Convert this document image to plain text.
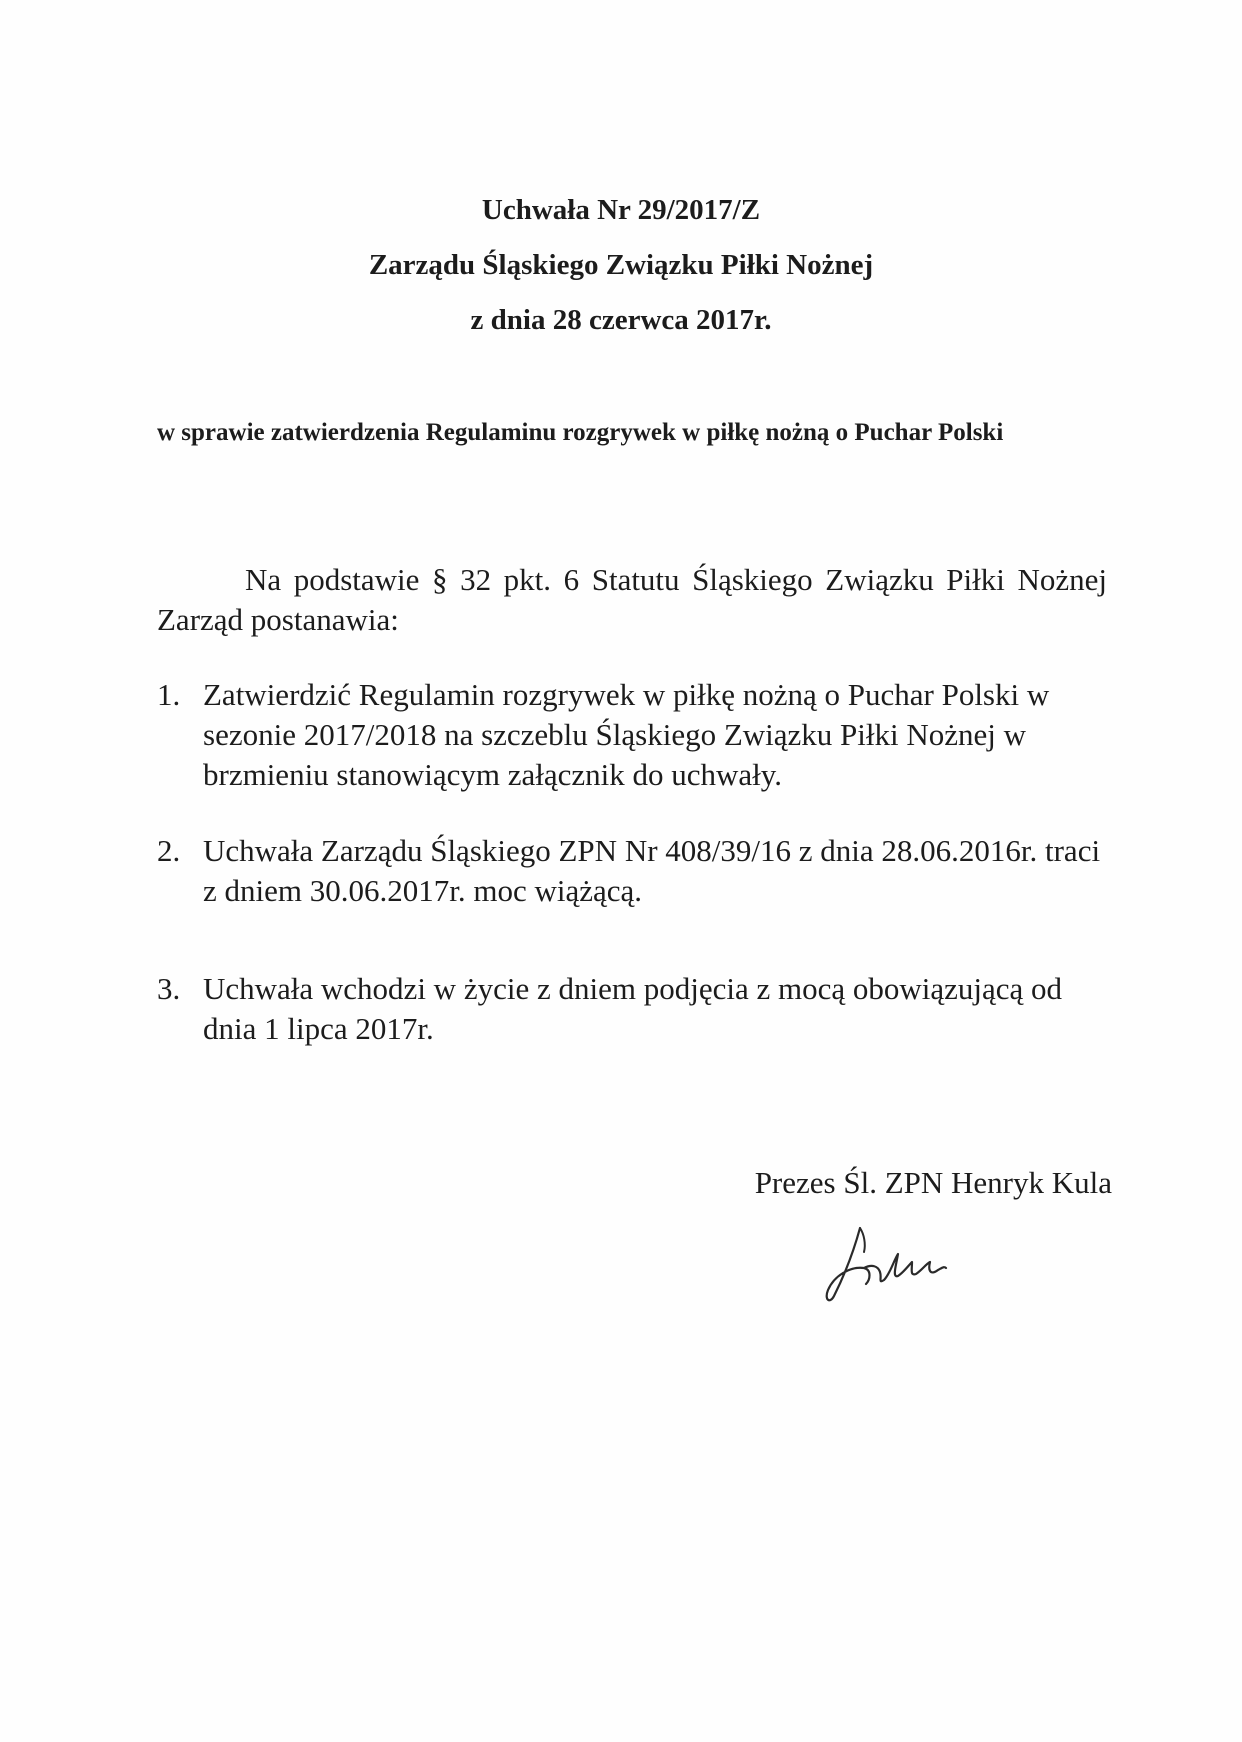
Uchwała Nr 29/2017/Z
Zarządu Śląskiego Związku Piłki Nożnej
z dnia 28 czerwca 2017r.
w sprawie zatwierdzenia Regulaminu rozgrywek w piłkę nożną o Puchar Polski
Na podstawie § 32 pkt. 6 Statutu Śląskiego Związku Piłki Nożnej Zarząd postanawia:
1. Zatwierdzić Regulamin rozgrywek w piłkę nożną o Puchar Polski w sezonie 2017/2018 na szczeblu Śląskiego Związku Piłki Nożnej w brzmieniu stanowiącym załącznik do uchwały.
2. Uchwała Zarządu Śląskiego ZPN Nr 408/39/16 z dnia 28.06.2016r. traci z dniem 30.06.2017r. moc wiążącą.
3. Uchwała wchodzi w życie z dniem podjęcia z mocą obowiązującą od dnia 1 lipca 2017r.
Prezes Śl. ZPN Henryk Kula
